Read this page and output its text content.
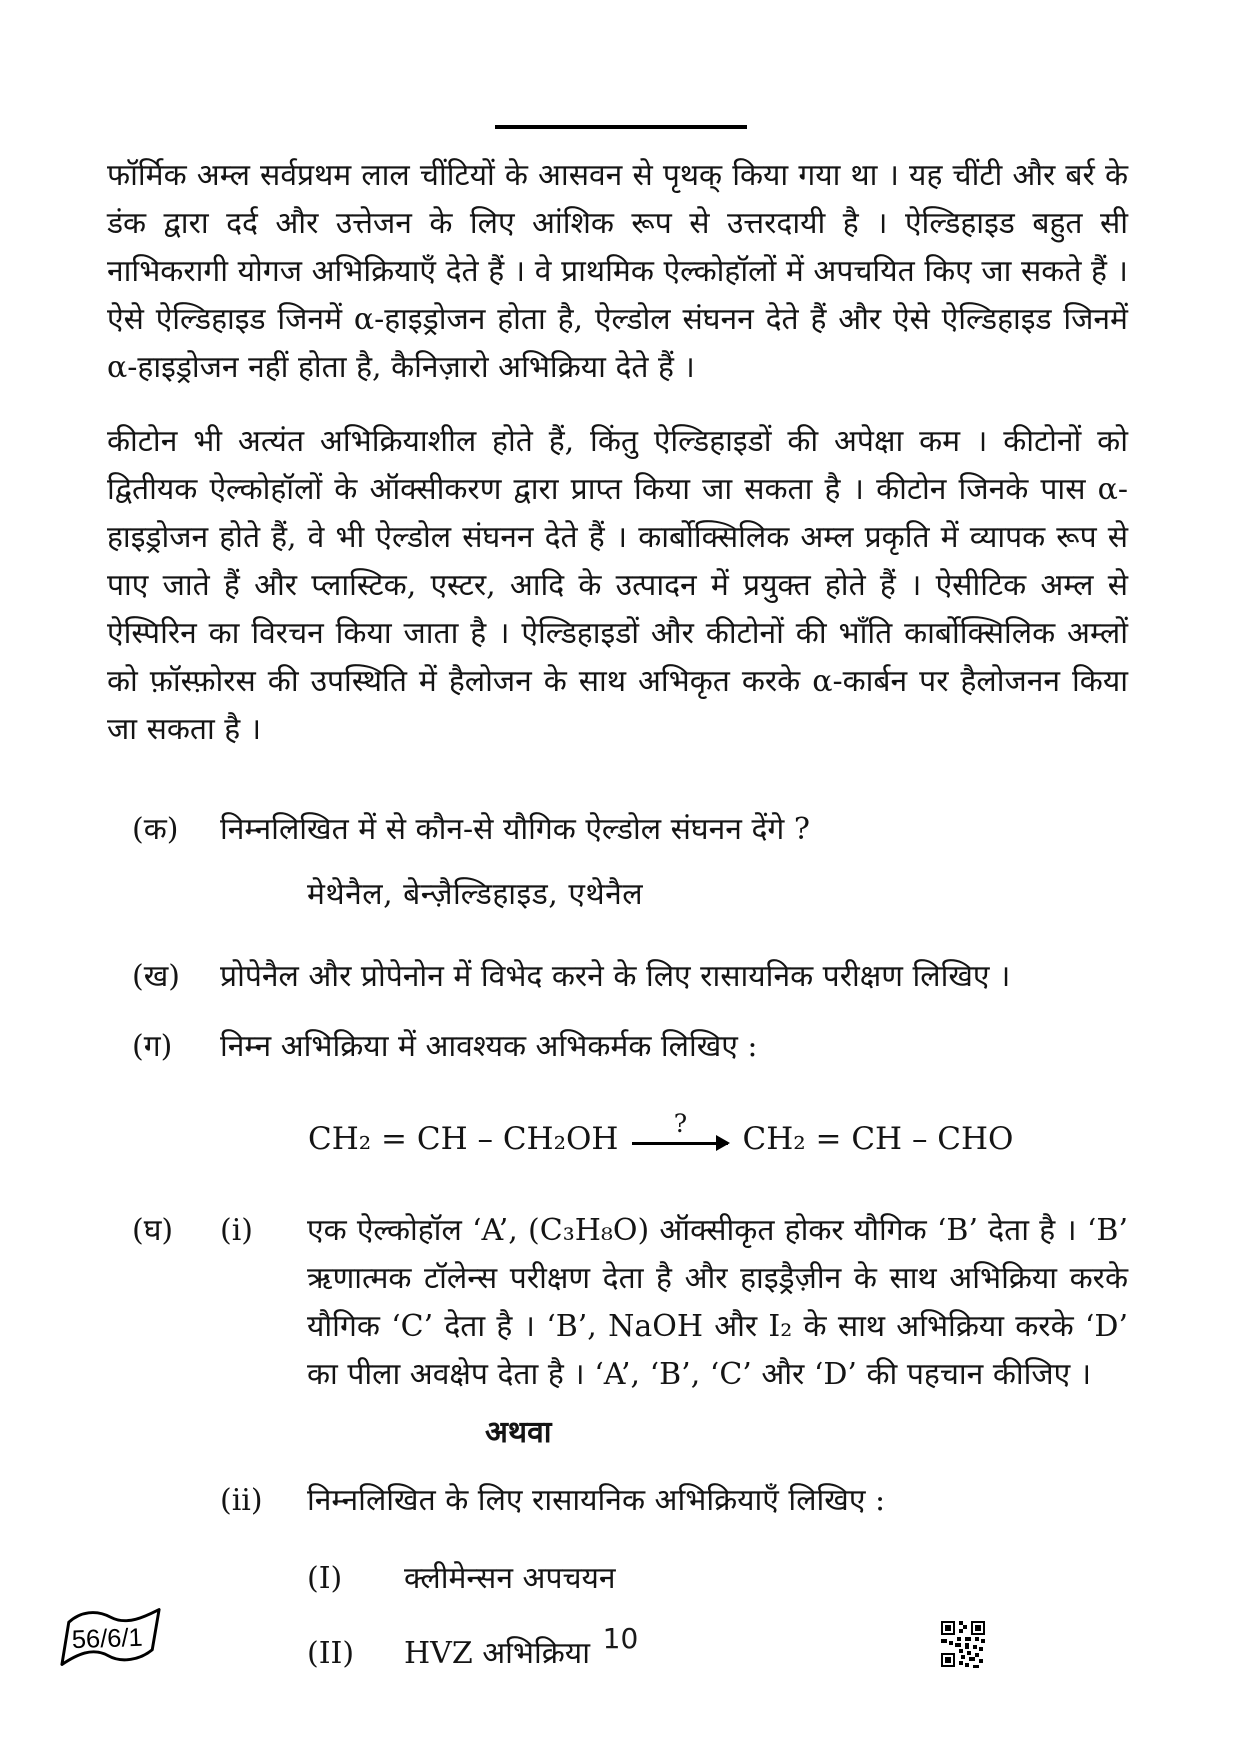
फॉर्मिक अम्ल सर्वप्रथम लाल चींटियों के आसवन से पृथक् किया गया था । यह चींटी और बर्र के डंक द्वारा दर्द और उत्तेजन के लिए आंशिक रूप से उत्तरदायी है । ऐल्डिहाइड बहुत सी नाभिकरागी योगज अभिक्रियाएँ देते हैं । वे प्राथमिक ऐल्कोहॉलों में अपचयित किए जा सकते हैं । ऐसे ऐल्डिहाइड जिनमें α-हाइड्रोजन होता है, ऐल्डोल संघनन देते हैं और ऐसे ऐल्डिहाइड जिनमें α-हाइड्रोजन नहीं होता है, कैनिज़ारो अभिक्रिया देते हैं ।

कीटोन भी अत्यंत अभिक्रियाशील होते हैं, किंतु ऐल्डिहाइडों की अपेक्षा कम । कीटोनों को द्वितीयक ऐल्कोहॉलों के ऑक्सीकरण द्वारा प्राप्त किया जा सकता है । कीटोन जिनके पास α-हाइड्रोजन होते हैं, वे भी ऐल्डोल संघनन देते हैं । कार्बोक्सिलिक अम्ल प्रकृति में व्यापक रूप से पाए जाते हैं और प्लास्टिक, एस्टर, आदि के उत्पादन में प्रयुक्त होते हैं । ऐसीटिक अम्ल से ऐस्पिरिन का विरचन किया जाता है । ऐल्डिहाइडों और कीटोनों की भाँति कार्बोक्सिलिक अम्लों को फ़ॉस्फ़ोरस की उपस्थिति में हैलोजन के साथ अभिकृत करके α-कार्बन पर हैलोजनन किया जा सकता है ।

(क)	निम्नलिखित में से कौन-से यौगिक ऐल्डोल संघनन देंगे ?
मेथेनैल, बेन्ज़ैल्डिहाइड, एथेनैल
(ख)	प्रोपेनैल और प्रोपेनोन में विभेद करने के लिए रासायनिक परीक्षण लिखिए ।
(ग)	निम्न अभिक्रिया में आवश्यक अभिकर्मक लिखिए :
CH₂ = CH – CH₂OH ? CH₂ = CH – CHO
(घ)	(i)	एक ऐल्कोहॉल ‘A’, (C₃H₈O) ऑक्सीकृत होकर यौगिक ‘B’ देता है । ‘B’ ऋणात्मक टॉलेन्स परीक्षण देता है और हाइड्रैज़ीन के साथ अभिक्रिया करके यौगिक ‘C’ देता है । ‘B’, NaOH और I₂ के साथ अभिक्रिया करके ‘D’ का पीला अवक्षेप देता है । ‘A’, ‘B’, ‘C’ और ‘D’ की पहचान कीजिए ।
अथवा
(ii)	निम्नलिखित के लिए रासायनिक अभिक्रियाएँ लिखिए :
(I)	क्लीमेन्सन अपचयन
(II)	HVZ अभिक्रिया
56/6/1	10
